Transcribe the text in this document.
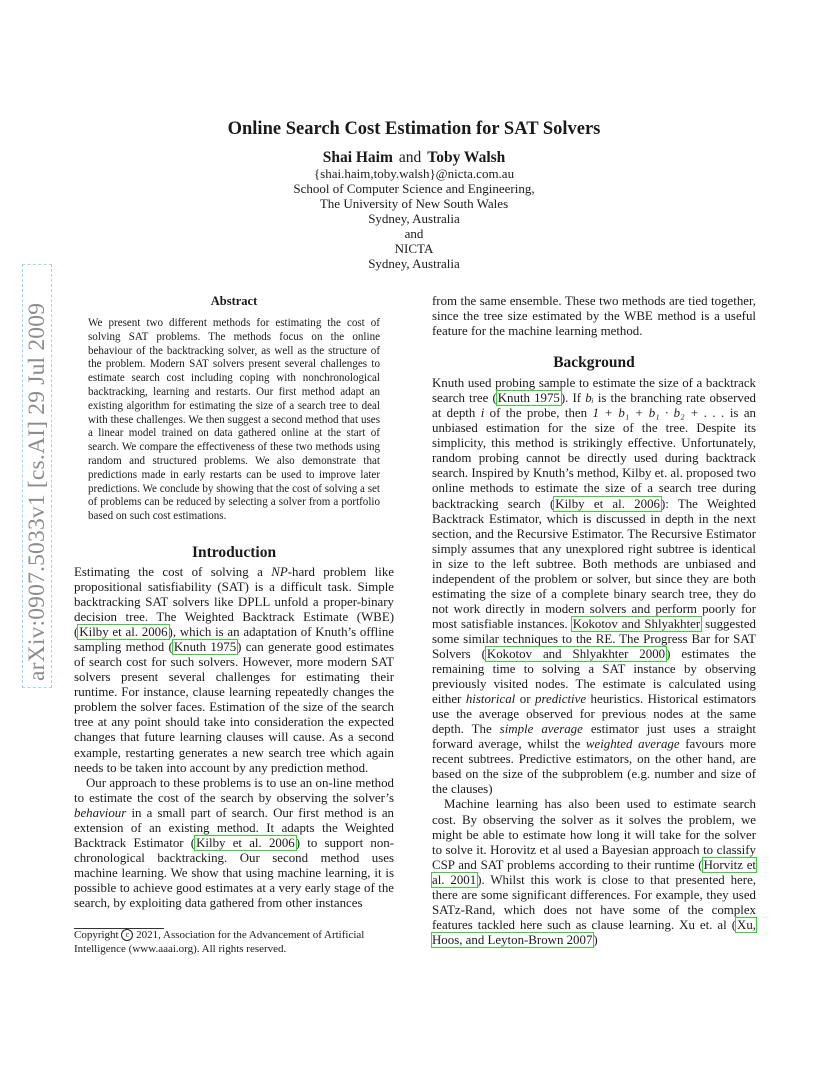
arXiv:0907.5033v1 [cs.AI] 29 Jul 2009
Online Search Cost Estimation for SAT Solvers
Shai Haim and Toby Walsh
{shai.haim,toby.walsh}@nicta.com.au
School of Computer Science and Engineering,
The University of New South Wales
Sydney, Australia
and
NICTA
Sydney, Australia
Abstract

We present two different methods for estimating the cost of solving SAT problems. The methods focus on the online behaviour of the backtracking solver, as well as the structure of the problem. Modern SAT solvers present several challenges to estimate search cost including coping with nonchronological backtracking, learning and restarts. Our first method adapt an existing algorithm for estimating the size of a search tree to deal with these challenges. We then suggest a second method that uses a linear model trained on data gathered online at the start of search. We compare the effectiveness of these two methods using random and structured problems. We also demonstrate that predictions made in early restarts can be used to improve later predictions. We conclude by showing that the cost of solving a set of problems can be reduced by selecting a solver from a portfolio based on such cost estimations.

Introduction

Estimating the cost of solving a NP-hard problem like propositional satisfiability (SAT) is a difficult task. Simple backtracking SAT solvers like DPLL unfold a proper-binary decision tree. The Weighted Backtrack Estimate (WBE) (Kilby et al. 2006), which is an adaptation of Knuth’s offline sampling method (Knuth 1975) can generate good estimates of search cost for such solvers. However, more modern SAT solvers present several challenges for estimating their runtime. For instance, clause learning repeatedly changes the problem the solver faces. Estimation of the size of the search tree at any point should take into consideration the expected changes that future learning clauses will cause. As a second example, restarting generates a new search tree which again needs to be taken into account by any prediction method.

Our approach to these problems is to use an on-line method to estimate the cost of the search by observing the solver’s behaviour in a small part of search. Our first method is an extension of an existing method. It adapts the Weighted Backtrack Estimator (Kilby et al. 2006) to support non-chronological backtracking. Our second method uses machine learning. We show that using machine learning, it is possible to achieve good estimates at a very early stage of the search, by exploiting data gathered from other instances

Copyright c 2021, Association for the Advancement of Artificial Intelligence (www.aaai.org). All rights reserved.

from the same ensemble. These two methods are tied together, since the tree size estimated by the WBE method is a useful feature for the machine learning method.

Background

Knuth used probing sample to estimate the size of a backtrack search tree (Knuth 1975). If bᵢ is the branching rate observed at depth i of the probe, then 1 + b₁ + b₁ · b₂ + . . . is an unbiased estimation for the size of the tree. Despite its simplicity, this method is strikingly effective. Unfortunately, random probing cannot be directly used during backtrack search. Inspired by Knuth’s method, Kilby et. al. proposed two online methods to estimate the size of a search tree during backtracking search (Kilby et al. 2006): The Weighted Backtrack Estimator, which is discussed in depth in the next section, and the Recursive Estimator. The Recursive Estimator simply assumes that any unexplored right subtree is identical in size to the left subtree. Both methods are unbiased and independent of the problem or solver, but since they are both estimating the size of a complete binary search tree, they do not work directly in modern solvers and perform poorly for most satisfiable instances. Kokotov and Shlyakhter suggested some similar techniques to the RE. The Progress Bar for SAT Solvers (Kokotov and Shlyakhter 2000) estimates the remaining time to solving a SAT instance by observing previously visited nodes. The estimate is calculated using either historical or predictive heuristics. Historical estimators use the average observed for previous nodes at the same depth. The simple average estimator just uses a straight forward average, whilst the weighted average favours more recent subtrees. Predictive estimators, on the other hand, are based on the size of the subproblem (e.g. number and size of the clauses)

Machine learning has also been used to estimate search cost. By observing the solver as it solves the problem, we might be able to estimate how long it will take for the solver to solve it. Horovitz et al used a Bayesian approach to classify CSP and SAT problems according to their runtime (Horvitz et al. 2001). Whilst this work is close to that presented here, there are some significant differences. For example, they used SATz-Rand, which does not have some of the complex features tackled here such as clause learning. Xu et. al (Xu, Hoos, and Leyton-Brown 2007)
